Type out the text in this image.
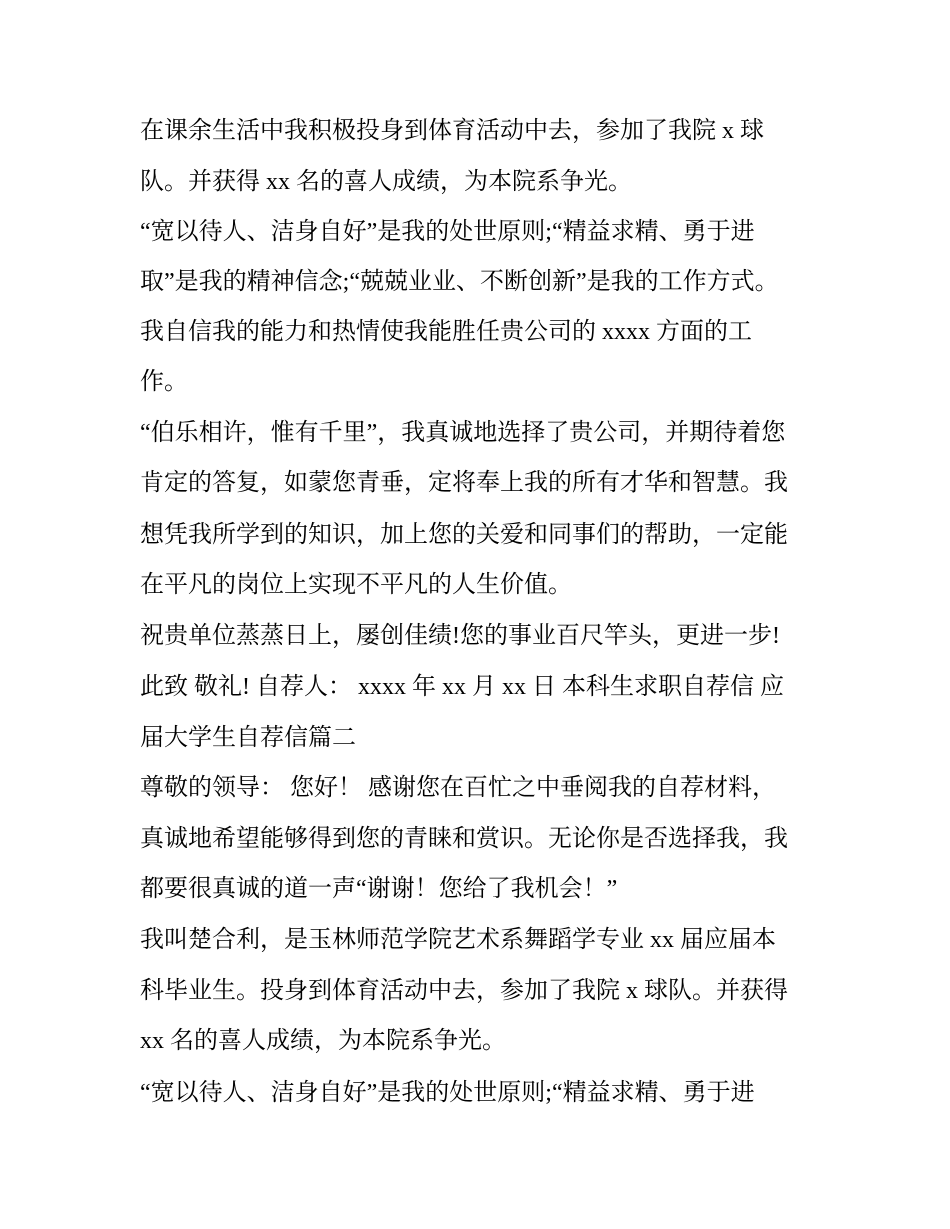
在课余生活中我积极投身到体育活动中去，参加了我院 x 球
队。并获得 xx 名的喜人成绩，为本院系争光。
“宽以待人、洁身自好”是我的处世原则;“精益求精、勇于进
取”是我的精神信念;“兢兢业业、不断创新”是我的工作方式。
我自信我的能力和热情使我能胜任贵公司的 xxxx 方面的工
作。
“伯乐相许，惟有千里”，我真诚地选择了贵公司，并期待着您
肯定的答复，如蒙您青垂，定将奉上我的所有才华和智慧。我
想凭我所学到的知识，加上您的关爱和同事们的帮助，一定能
在平凡的岗位上实现不平凡的人生价值。
祝贵单位蒸蒸日上，屡创佳绩!您的事业百尺竿头，更进一步!
此致 敬礼! 自荐人： xxxx 年 xx 月 xx 日 本科生求职自荐信 应
届大学生自荐信篇二
尊敬的领导： 您好！ 感谢您在百忙之中垂阅我的自荐材料，
真诚地希望能够得到您的青睐和赏识。无论你是否选择我，我
都要很真诚的道一声“谢谢！您给了我机会！”
我叫楚合利，是玉林师范学院艺术系舞蹈学专业 xx 届应届本
科毕业生。投身到体育活动中去，参加了我院 x 球队。并获得
xx 名的喜人成绩，为本院系争光。
“宽以待人、洁身自好”是我的处世原则;“精益求精、勇于进
